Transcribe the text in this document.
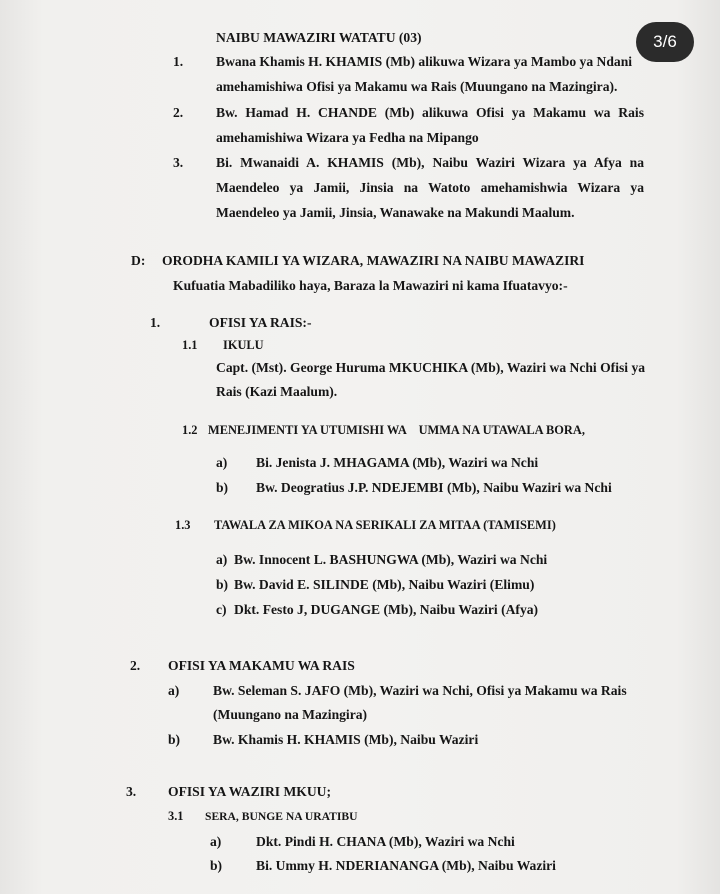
NAIBU MAWAZIRI WATATU (03)
1. Bwana Khamis H. KHAMIS (Mb) alikuwa Wizara ya Mambo ya Ndani
amehamishiwa Ofisi ya Makamu wa Rais (Muungano na Mazingira).
2. Bw. Hamad H. CHANDE (Mb) alikuwa Ofisi ya Makamu wa Rais
amehamishiwa Wizara ya Fedha na Mipango
3. Bi. Mwanaidi A. KHAMIS (Mb), Naibu Waziri Wizara ya Afya na
Maendeleo ya Jamii, Jinsia na Watoto amehamishwia Wizara ya
Maendeleo ya Jamii, Jinsia, Wanawake na Makundi Maalum.
D: ORODHA KAMILI YA WIZARA, MAWAZIRI NA NAIBU MAWAZIRI
Kufuatia Mabadiliko haya, Baraza la Mawaziri ni kama Ifuatavyo:-
1.	OFISI YA RAIS:-
1.1 IKULU
Capt. (Mst). George Huruma MKUCHIKA (Mb), Waziri wa Nchi Ofisi ya
Rais (Kazi Maalum).
1.2 MENEJIMENTI YA UTUMISHI WA    UMMA NA UTAWALA BORA,
a) Bi. Jenista J. MHAGAMA (Mb), Waziri wa Nchi
b) Bw. Deogratius J.P. NDEJEMBI (Mb), Naibu Waziri wa Nchi
1.3 TAWALA ZA MIKOA NA SERIKALI ZA MITAA (TAMISEMI)
a) Bw. Innocent L. BASHUNGWA (Mb), Waziri wa Nchi
b) Bw. David E. SILINDE (Mb), Naibu Waziri (Elimu)
c) Dkt. Festo J, DUGANGE (Mb), Naibu Waziri (Afya)
2. OFISI YA MAKAMU WA RAIS
a) Bw. Seleman S. JAFO (Mb), Waziri wa Nchi, Ofisi ya Makamu wa Rais
(Muungano na Mazingira)
b) Bw. Khamis H. KHAMIS (Mb), Naibu Waziri
3. OFISI YA WAZIRI MKUU;
3.1 SERA, BUNGE NA URATIBU
a)	Dkt. Pindi H. CHANA (Mb), Waziri wa Nchi
b) Bi. Ummy H. NDERIANANGA (Mb), Naibu Waziri
3/6
